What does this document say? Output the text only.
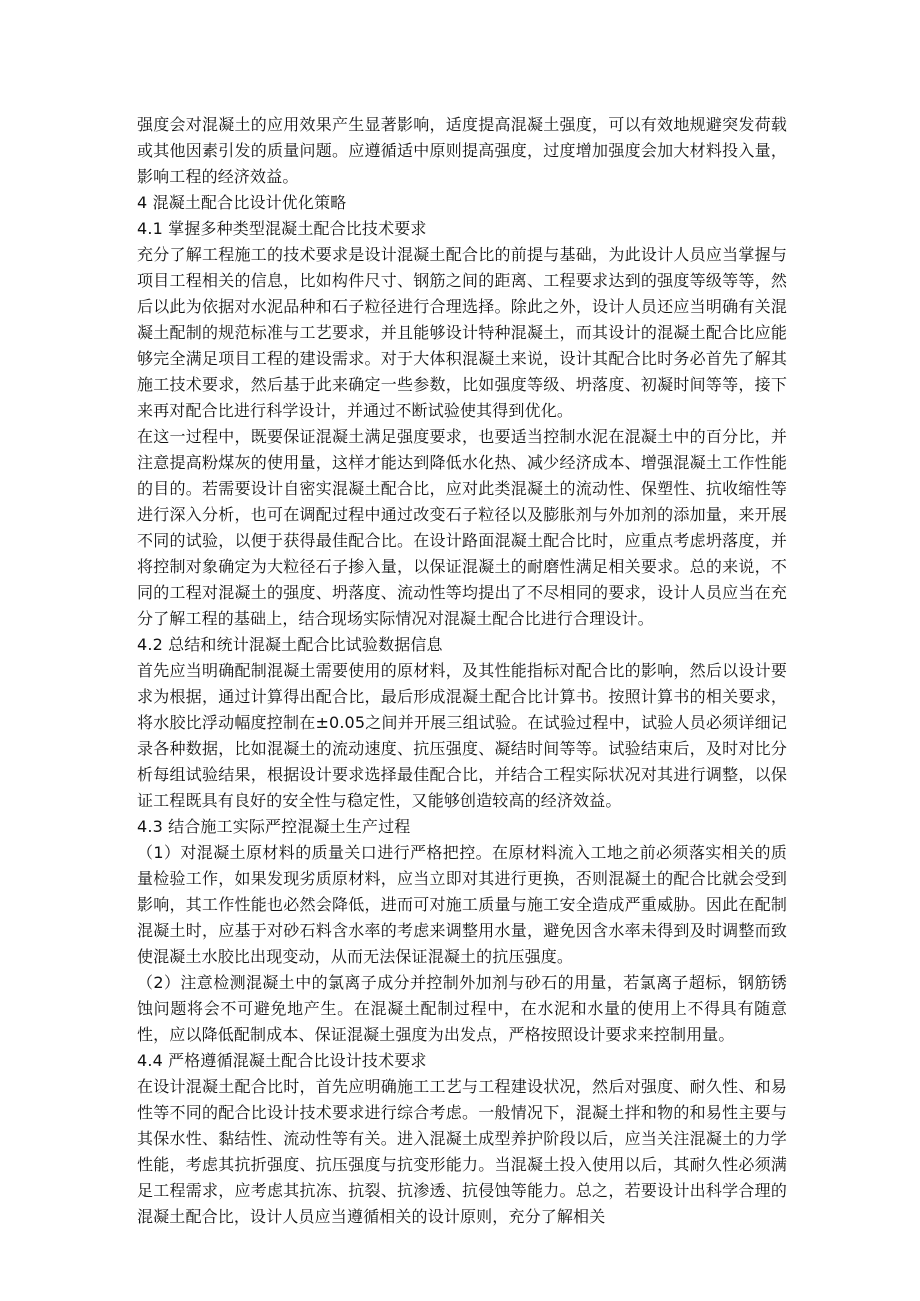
强度会对混凝土的应用效果产生显著影响，适度提高混凝土强度，可以有效地规避突发荷载或其他因素引发的质量问题。应遵循适中原则提高强度，过度增加强度会加大材料投入量，影响工程的经济效益。

4 混凝土配合比设计优化策略
4.1 掌握多种类型混凝土配合比技术要求

充分了解工程施工的技术要求是设计混凝土配合比的前提与基础，为此设计人员应当掌握与项目工程相关的信息，比如构件尺寸、钢筋之间的距离、工程要求达到的强度等级等等，然后以此为依据对水泥品种和石子粒径进行合理选择。除此之外，设计人员还应当明确有关混凝土配制的规范标准与工艺要求，并且能够设计特种混凝土，而其设计的混凝土配合比应能够完全满足项目工程的建设需求。对于大体积混凝土来说，设计其配合比时务必首先了解其施工技术要求，然后基于此来确定一些参数，比如强度等级、坍落度、初凝时间等等，接下来再对配合比进行科学设计，并通过不断试验使其得到优化。

在这一过程中，既要保证混凝土满足强度要求，也要适当控制水泥在混凝土中的百分比，并注意提高粉煤灰的使用量，这样才能达到降低水化热、减少经济成本、增强混凝土工作性能的目的。若需要设计自密实混凝土配合比，应对此类混凝土的流动性、保塑性、抗收缩性等进行深入分析，也可在调配过程中通过改变石子粒径以及膨胀剂与外加剂的添加量，来开展不同的试验，以便于获得最佳配合比。在设计路面混凝土配合比时，应重点考虑坍落度，并将控制对象确定为大粒径石子掺入量，以保证混凝土的耐磨性满足相关要求。总的来说，不同的工程对混凝土的强度、坍落度、流动性等均提出了不尽相同的要求，设计人员应当在充分了解工程的基础上，结合现场实际情况对混凝土配合比进行合理设计。

4.2 总结和统计混凝土配合比试验数据信息

首先应当明确配制混凝土需要使用的原材料，及其性能指标对配合比的影响，然后以设计要求为根据，通过计算得出配合比，最后形成混凝土配合比计算书。按照计算书的相关要求，将水胶比浮动幅度控制在±0.05之间并开展三组试验。在试验过程中，试验人员必须详细记录各种数据，比如混凝土的流动速度、抗压强度、凝结时间等等。试验结束后，及时对比分析每组试验结果，根据设计要求选择最佳配合比，并结合工程实际状况对其进行调整，以保证工程既具有良好的安全性与稳定性，又能够创造较高的经济效益。

4.3 结合施工实际严控混凝土生产过程

（1）对混凝土原材料的质量关口进行严格把控。在原材料流入工地之前必须落实相关的质量检验工作，如果发现劣质原材料，应当立即对其进行更换，否则混凝土的配合比就会受到影响，其工作性能也必然会降低，进而可对施工质量与施工安全造成严重威胁。因此在配制混凝土时，应基于对砂石料含水率的考虑来调整用水量，避免因含水率未得到及时调整而致使混凝土水胶比出现变动，从而无法保证混凝土的抗压强度。

（2）注意检测混凝土中的氯离子成分并控制外加剂与砂石的用量，若氯离子超标，钢筋锈蚀问题将会不可避免地产生。在混凝土配制过程中，在水泥和水量的使用上不得具有随意性，应以降低配制成本、保证混凝土强度为出发点，严格按照设计要求来控制用量。

4.4 严格遵循混凝土配合比设计技术要求

在设计混凝土配合比时，首先应明确施工工艺与工程建设状况，然后对强度、耐久性、和易性等不同的配合比设计技术要求进行综合考虑。一般情况下，混凝土拌和物的和易性主要与其保水性、黏结性、流动性等有关。进入混凝土成型养护阶段以后，应当关注混凝土的力学性能，考虑其抗折强度、抗压强度与抗变形能力。当混凝土投入使用以后，其耐久性必须满足工程需求，应考虑其抗冻、抗裂、抗渗透、抗侵蚀等能力。总之，若要设计出科学合理的混凝土配合比，设计人员应当遵循相关的设计原则，充分了解相关
